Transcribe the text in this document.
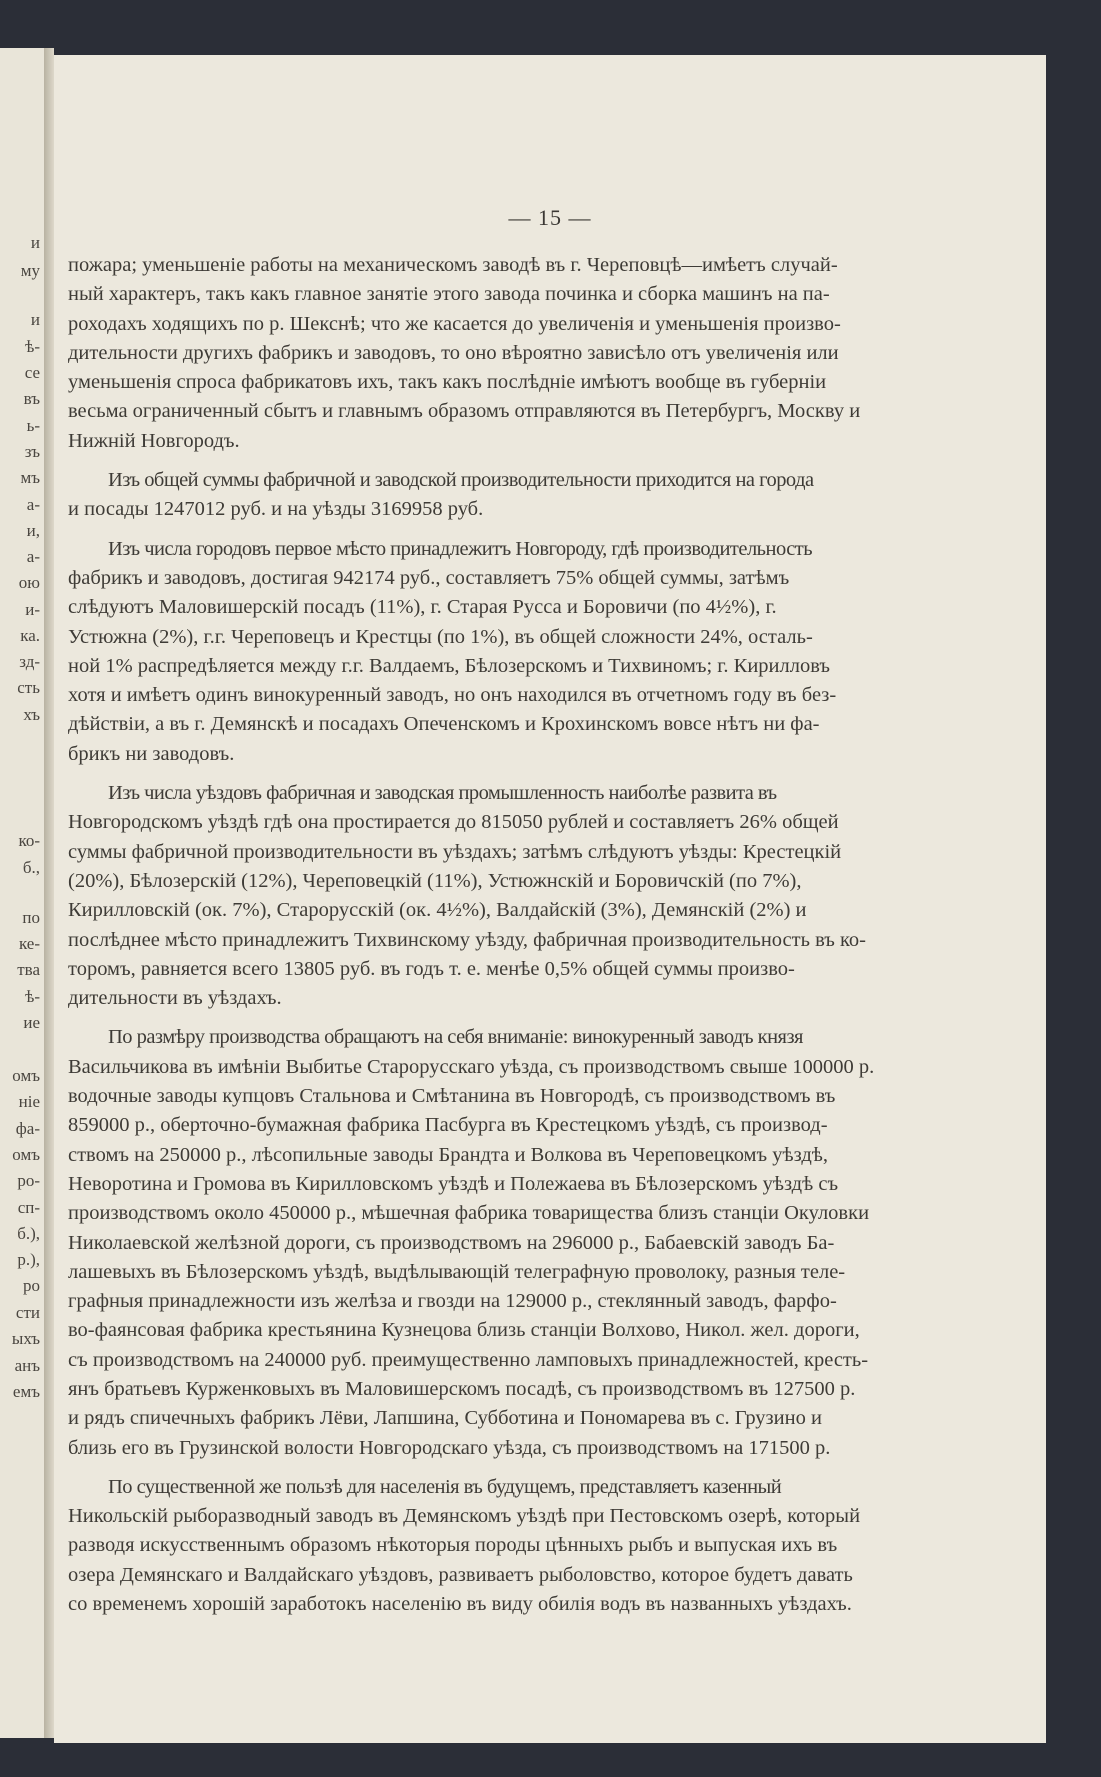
и
му
и
ѣ-
се
въ
ь-
зъ
мъ
а-
и,
а-
ою
и-
ка.
зд-
сть
хъ
ко-
б.,
по
ке-
тва
ѣ-
ие
омъ
ніе
фа-
омъ
ро-
сп-
б.),
р.),
ро
сти
ыхъ
анъ
емъ
— 15 —
пожара; уменьшеніе работы на механическомъ заводѣ въ г. Череповцѣ—имѣетъ случай-
ный характеръ, такъ какъ главное занятіе этого завода починка и сборка машинъ на па-
роходахъ ходящихъ по р. Шекснѣ; что же касается до увеличенія и уменьшенія произво-
дительности другихъ фабрикъ и заводовъ, то оно вѣроятно зависѣло отъ увеличенія или
уменьшенія спроса фабрикатовъ ихъ, такъ какъ послѣдніе имѣютъ вообще въ губерніи
весьма ограниченный сбытъ и главнымъ образомъ отправляются въ Петербургъ, Москву и
Нижній Новгородъ.
Изъ общей суммы фабричной и заводской производительности приходится на города
и посады 1247012 руб. и на уѣзды 3169958 руб.
Изъ числа городовъ первое мѣсто принадлежитъ Новгороду, гдѣ производительность
фабрикъ и заводовъ, достигая 942174 руб., составляетъ 75% общей суммы, затѣмъ
слѣдуютъ Маловишерскій посадъ (11%), г. Старая Русса и Боровичи (по 4½%), г.
Устюжна (2%), г.г. Череповецъ и Крестцы (по 1%), въ общей сложности 24%, осталь-
ной 1% распредѣляется между г.г. Валдаемъ, Бѣлозерскомъ и Тихвиномъ; г. Кирилловъ
хотя и имѣетъ одинъ винокуренный заводъ, но онъ находился въ отчетномъ году въ без-
дѣйствіи, а въ г. Демянскѣ и посадахъ Опеченскомъ и Крохинскомъ вовсе нѣтъ ни фа-
брикъ ни заводовъ.
Изъ числа уѣздовъ фабричная и заводская промышленность наиболѣе развита въ
Новгородскомъ уѣздѣ гдѣ она простирается до 815050 рублей и составляетъ 26% общей
суммы фабричной производительности въ уѣздахъ; затѣмъ слѣдуютъ уѣзды: Крестецкій
(20%), Бѣлозерскій (12%), Череповецкій (11%), Устюжнскій и Боровичскій (по 7%),
Кирилловскій (ок. 7%), Старорусскій (ок. 4½%), Валдайскій (3%), Демянскій (2%) и
послѣднее мѣсто принадлежитъ Тихвинскому уѣзду, фабричная производительность въ ко-
торомъ, равняется всего 13805 руб. въ годъ т. е. менѣе 0,5% общей суммы произво-
дительности въ уѣздахъ.
По размѣру производства обращаютъ на себя вниманіе: винокуренный заводъ князя
Васильчикова въ имѣніи Выбитье Старорусскаго уѣзда, съ производствомъ свыше 100000 р.
водочные заводы купцовъ Стальнова и Смѣтанина въ Новгородѣ, съ производствомъ въ
859000 р., оберточно-бумажная фабрика Пасбурга въ Крестецкомъ уѣздѣ, съ производ-
ствомъ на 250000 р., лѣсопильные заводы Брандта и Волкова въ Череповецкомъ уѣздѣ,
Невоpотина и Громова въ Кирилловскомъ уѣздѣ и Полежаева въ Бѣлозерскомъ уѣздѣ съ
производствомъ около 450000 р., мѣшечная фабрика товарищества близъ станціи Окуловки
Николаевской желѣзной дороги, съ производствомъ на 296000 р., Бабаевскій заводъ Ба-
лашевыхъ въ Бѣлозерскомъ уѣздѣ, выдѣлывающій телеграфную проволоку, разныя теле-
графныя принадлежности изъ желѣза и гвозди на 129000 р., стеклянный заводъ, фарфо-
во-фаянсовая фабрика крестьянина Кузнецова близь станціи Волхово, Никол. жел. дороги,
съ производствомъ на 240000 руб. преимущественно ламповыхъ принадлежностей, кресть-
янъ братьевъ Курженковыхъ въ Маловишерскомъ посадѣ, съ производствомъ въ 127500 р.
и рядъ спичечныхъ фабрикъ Лёви, Лапшина, Субботина и Пономарева въ с. Грузино и
близь его въ Грузинской волости Новгородскаго уѣзда, съ производствомъ на 171500 р.
По существенной же пользѣ для населенія въ будущемъ, представляетъ казенный
Никольскій рыборазводный заводъ въ Демянскомъ уѣздѣ при Пестовскомъ озерѣ, который
разводя искусственнымъ образомъ нѣкоторыя породы цѣнныхъ рыбъ и выпуская ихъ въ
озера Демянскаго и Валдайскаго уѣздовъ, развиваетъ рыболовство, которое будетъ давать
со временемъ хорошій заработокъ населенію въ виду обилія водъ въ названныхъ уѣздахъ.
